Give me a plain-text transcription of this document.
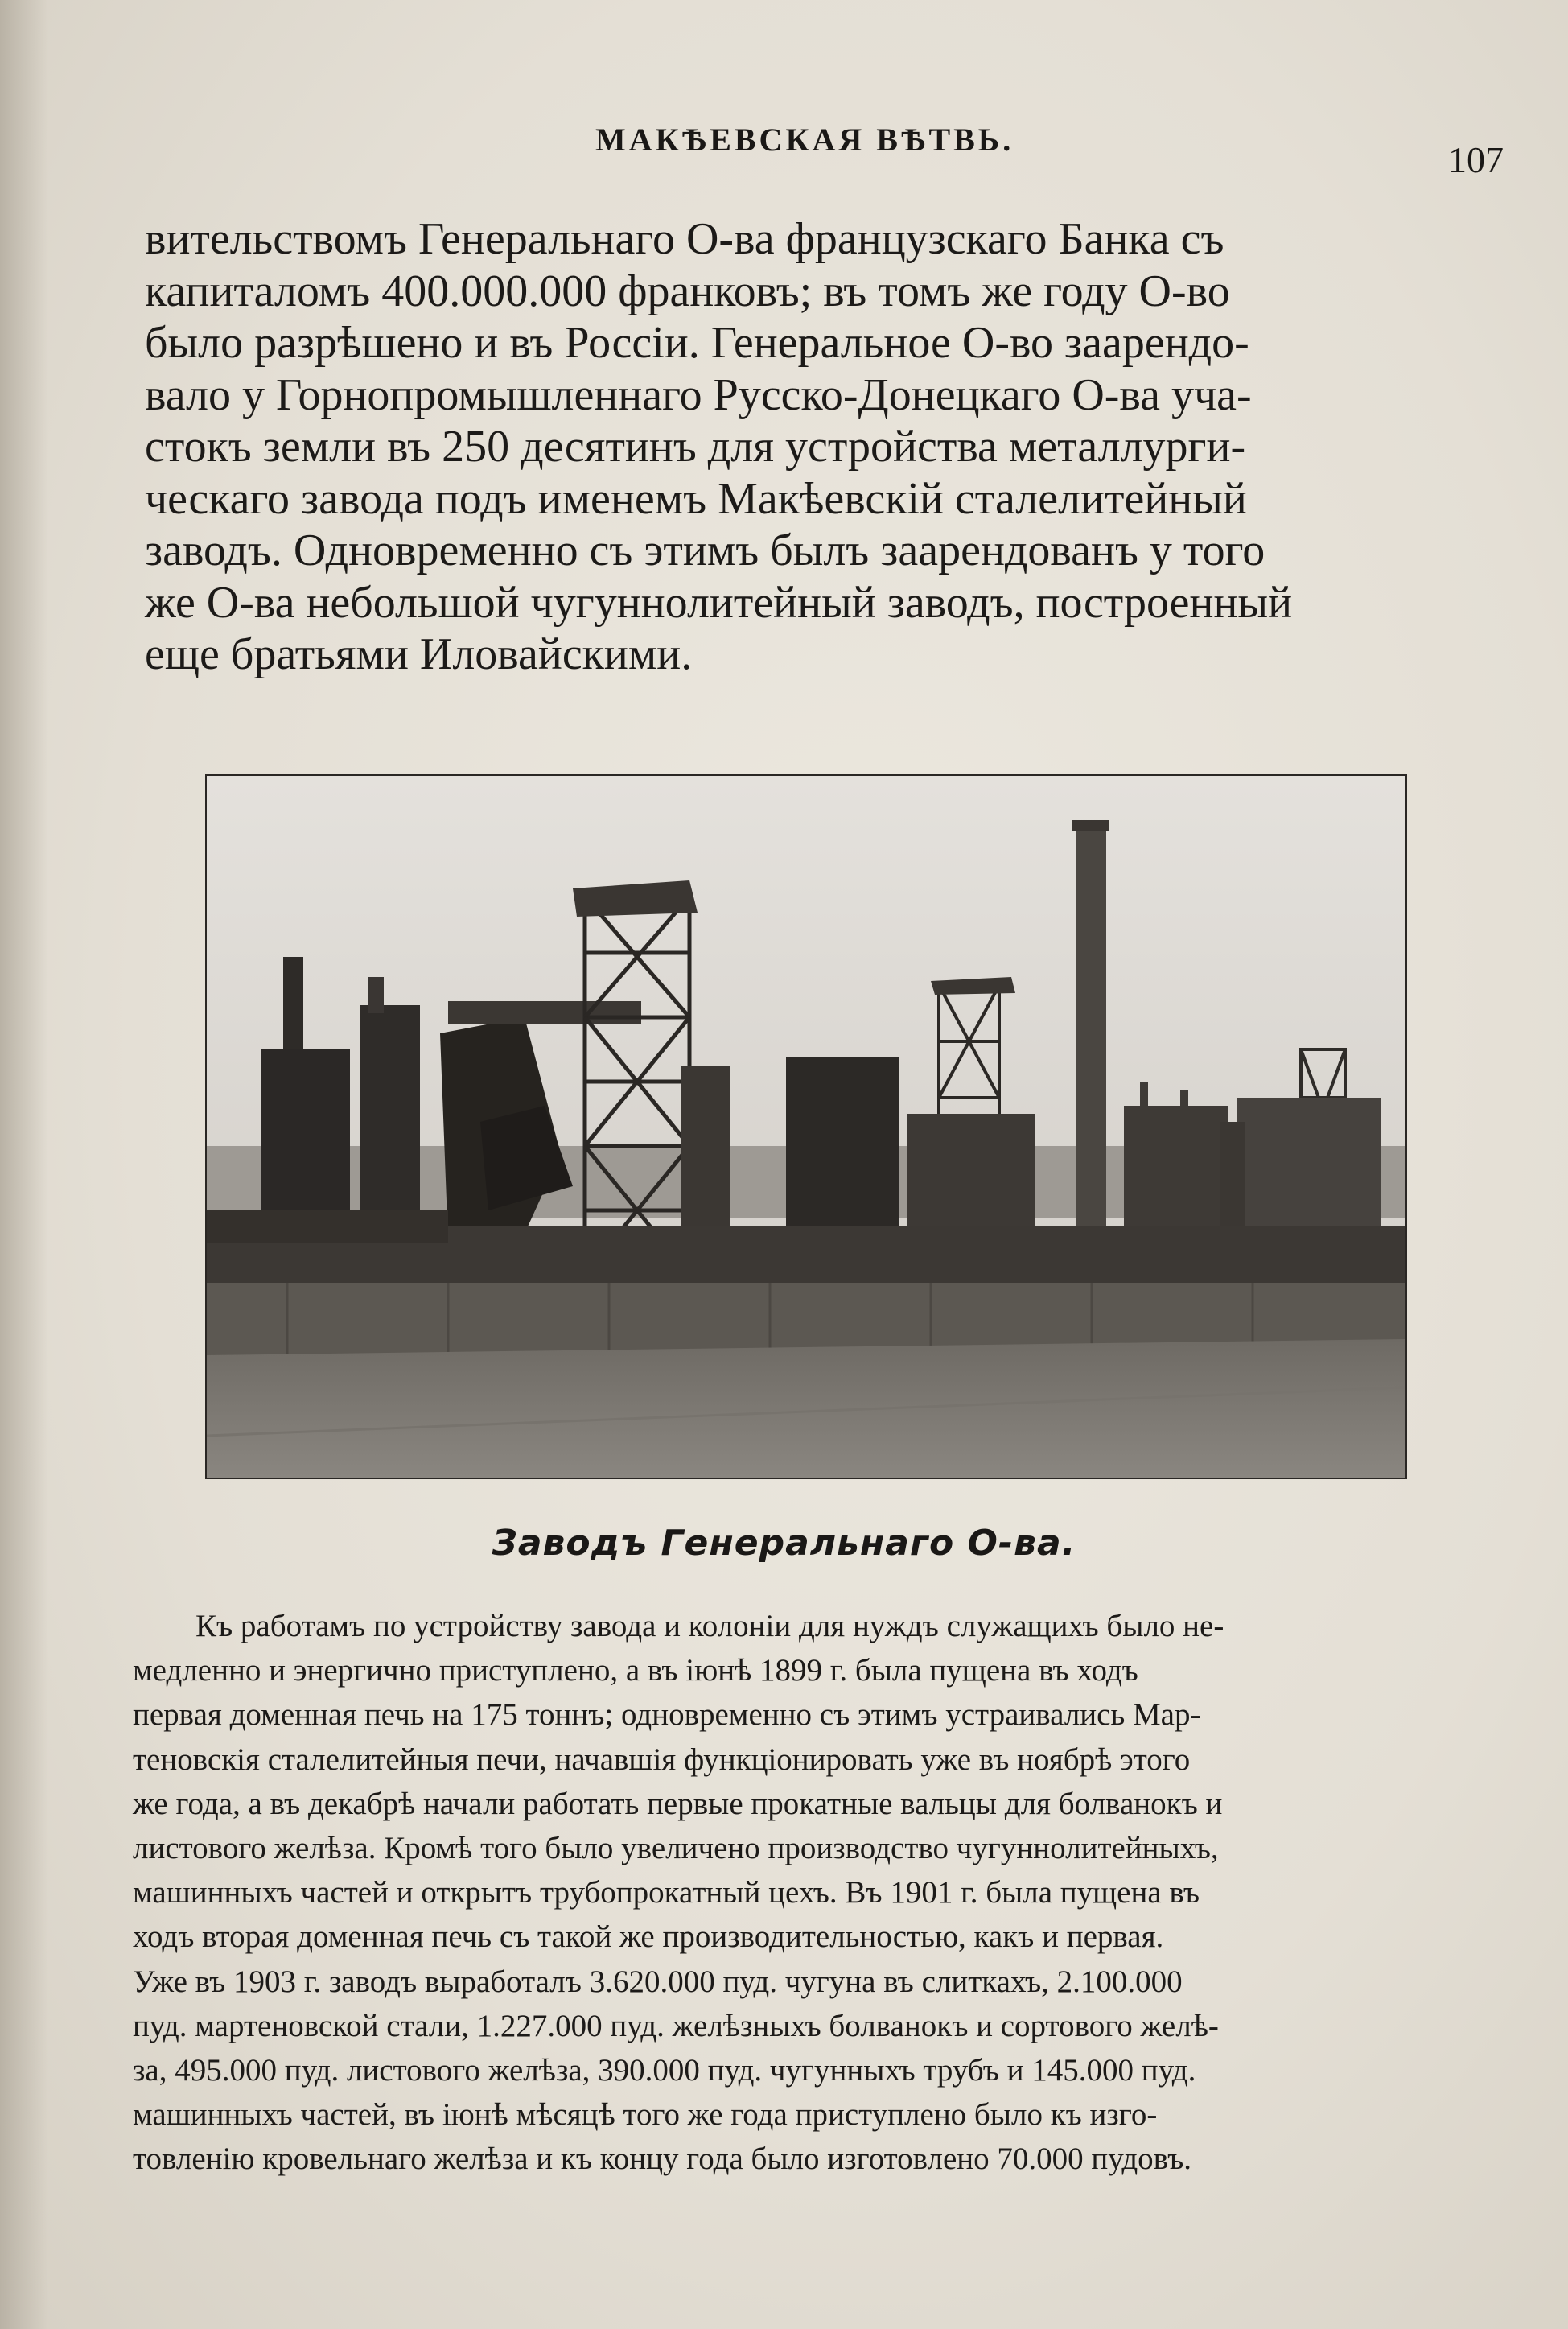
МАКѢЕВСКАЯ ВѢТВЬ.	107
вительствомъ Генеральнаго О-ва французскаго Банка съ
капиталомъ 400.000.000 франковъ; въ томъ же году О-во
было разрѣшено и въ Россіи. Генеральное О-во заарендо-
вало у Горнопромышленнаго Русско-Донецкаго О-ва уча-
стокъ земли въ 250 десятинъ для устройства металлурги-
ческаго завода подъ именемъ Макѣевскій сталелитейный
заводъ. Одновременно съ этимъ былъ заарендованъ у того
же О-ва небольшой чугуннолитейный заводъ, построенный
еще братьями Иловайскими.
Заводъ Генеральнаго О-ва.
Къ работамъ по устройству завода и колоніи для нуждъ служащихъ было не-
медленно и энергично приступлено, а въ іюнѣ 1899 г. была пущена въ ходъ
первая доменная печь на 175 тоннъ; одновременно съ этимъ устраивались Мар-
теновскія сталелитейныя печи, начавшія функціонировать уже въ ноябрѣ этого
же года, а въ декабрѣ начали работать первые прокатные вальцы для болванокъ и
листового желѣза. Кромѣ того было увеличено производство чугуннолитейныхъ,
машинныхъ частей и открытъ трубопрокатный цехъ. Въ 1901 г. была пущена въ
ходъ вторая доменная печь съ такой же производительностью, какъ и первая.
Уже въ 1903 г. заводъ выработалъ 3.620.000 пуд. чугуна въ слиткахъ, 2.100.000
пуд. мартеновской стали, 1.227.000 пуд. желѣзныхъ болванокъ и сортового желѣ-
за, 495.000 пуд. листового желѣза, 390.000 пуд. чугунныхъ трубъ и 145.000 пуд.
машинныхъ частей, въ іюнѣ мѣсяцѣ того же года приступлено было къ изго-
товленію кровельнаго желѣза и къ концу года было изготовлено 70.000 пудовъ.
